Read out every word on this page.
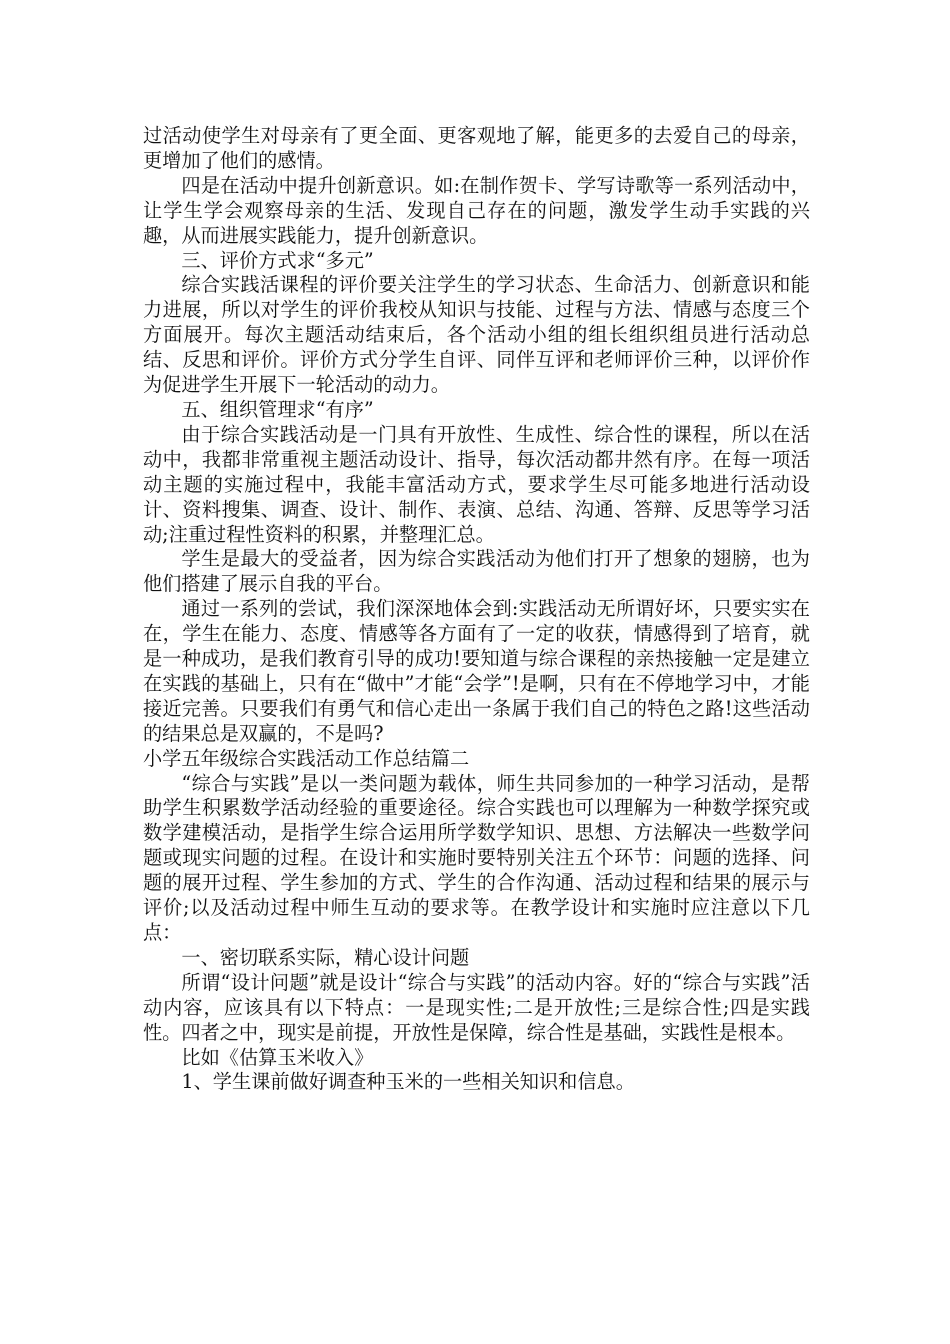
过活动使学生对母亲有了更全面、更客观地了解，能更多的去爱自己的母亲，更增加了他们的感情。

四是在活动中提升创新意识。如:在制作贺卡、学写诗歌等一系列活动中，让学生学会观察母亲的生活、发现自己存在的问题，激发学生动手实践的兴趣，从而进展实践能力，提升创新意识。

三、评价方式求“多元”

综合实践活课程的评价要关注学生的学习状态、生命活力、创新意识和能力进展，所以对学生的评价我校从知识与技能、过程与方法、情感与态度三个方面展开。每次主题活动结束后，各个活动小组的组长组织组员进行活动总结、反思和评价。评价方式分学生自评、同伴互评和老师评价三种，以评价作为促进学生开展下一轮活动的动力。

五、组织管理求“有序”

由于综合实践活动是一门具有开放性、生成性、综合性的课程，所以在活动中，我都非常重视主题活动设计、指导，每次活动都井然有序。在每一项活动主题的实施过程中，我能丰富活动方式，要求学生尽可能多地进行活动设计、资料搜集、调查、设计、制作、表演、总结、沟通、答辩、反思等学习活动;注重过程性资料的积累，并整理汇总。

学生是最大的受益者，因为综合实践活动为他们打开了想象的翅膀，也为他们搭建了展示自我的平台。

通过一系列的尝试，我们深深地体会到:实践活动无所谓好坏，只要实实在在，学生在能力、态度、情感等各方面有了一定的收获，情感得到了培育，就是一种成功，是我们教育引导的成功!要知道与综合课程的亲热接触一定是建立在实践的基础上，只有在“做中”才能“会学”!是啊，只有在不停地学习中，才能接近完善。只要我们有勇气和信心走出一条属于我们自己的特色之路!这些活动的结果总是双赢的，不是吗?

小学五年级综合实践活动工作总结篇二

“综合与实践”是以一类问题为载体，师生共同参加的一种学习活动，是帮助学生积累数学活动经验的重要途径。综合实践也可以理解为一种数学探究或数学建模活动，是指学生综合运用所学数学知识、思想、方法解决一些数学问题或现实问题的过程。在设计和实施时要特别关注五个环节：问题的选择、问题的展开过程、学生参加的方式、学生的合作沟通、活动过程和结果的展示与评价;以及活动过程中师生互动的要求等。在教学设计和实施时应注意以下几点：

一、密切联系实际，精心设计问题

所谓“设计问题”就是设计“综合与实践”的活动内容。好的“综合与实践”活动内容，应该具有以下特点：一是现实性;二是开放性;三是综合性;四是实践性。四者之中，现实是前提，开放性是保障，综合性是基础，实践性是根本。

比如《估算玉米收入》

1、学生课前做好调查种玉米的一些相关知识和信息。
